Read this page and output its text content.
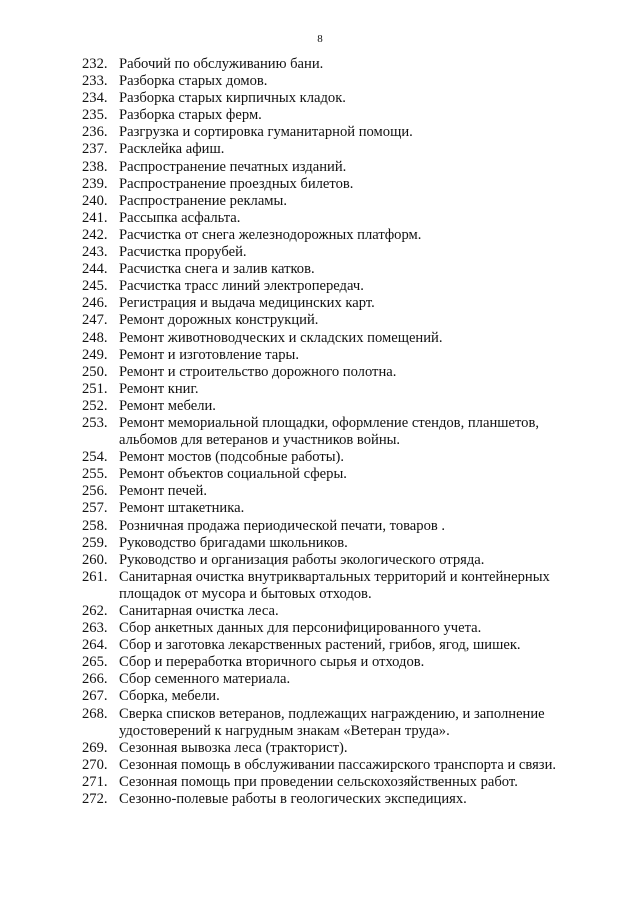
8
232. Рабочий по обслуживанию бани.
233. Разборка старых домов.
234. Разборка старых кирпичных кладок.
235. Разборка старых ферм.
236. Разгрузка и сортировка гуманитарной помощи.
237. Расклейка афиш.
238. Распространение печатных изданий.
239. Распространение проездных билетов.
240. Распространение рекламы.
241. Рассыпка асфальта.
242. Расчистка от снега железнодорожных платформ.
243. Расчистка прорубей.
244. Расчистка снега и залив катков.
245. Расчистка трасс линий электропередач.
246. Регистрация и выдача медицинских карт.
247. Ремонт дорожных конструкций.
248. Ремонт животноводческих и складских помещений.
249. Ремонт и изготовление тары.
250. Ремонт и строительство дорожного полотна.
251. Ремонт книг.
252. Ремонт мебели.
253. Ремонт мемориальной площадки, оформление стендов, планшетов,
альбомов для ветеранов и участников войны.
254. Ремонт мостов (подсобные работы).
255. Ремонт объектов социальной сферы.
256. Ремонт печей.
257. Ремонт штакетника.
258. Розничная продажа периодической печати, товаров .
259. Руководство бригадами школьников.
260. Руководство и организация работы экологического отряда.
261. Санитарная очистка внутриквартальных территорий и контейнерных
площадок от мусора и бытовых отходов.
262. Санитарная очистка леса.
263. Сбор анкетных данных для персонифицированного учета.
264. Сбор и заготовка лекарственных растений, грибов, ягод, шишек.
265. Сбор и переработка вторичного сырья и отходов.
266. Сбор семенного материала.
267. Сборка, мебели.
268. Сверка списков ветеранов, подлежащих награждению, и заполнение
удостоверений к нагрудным знакам «Ветеран труда».
269. Сезонная вывозка леса (тракторист).
270. Сезонная помощь в обслуживании пассажирского транспорта и связи.
271. Сезонная помощь при проведении сельскохозяйственных работ.
272. Сезонно-полевые работы в геологических экспедициях.
